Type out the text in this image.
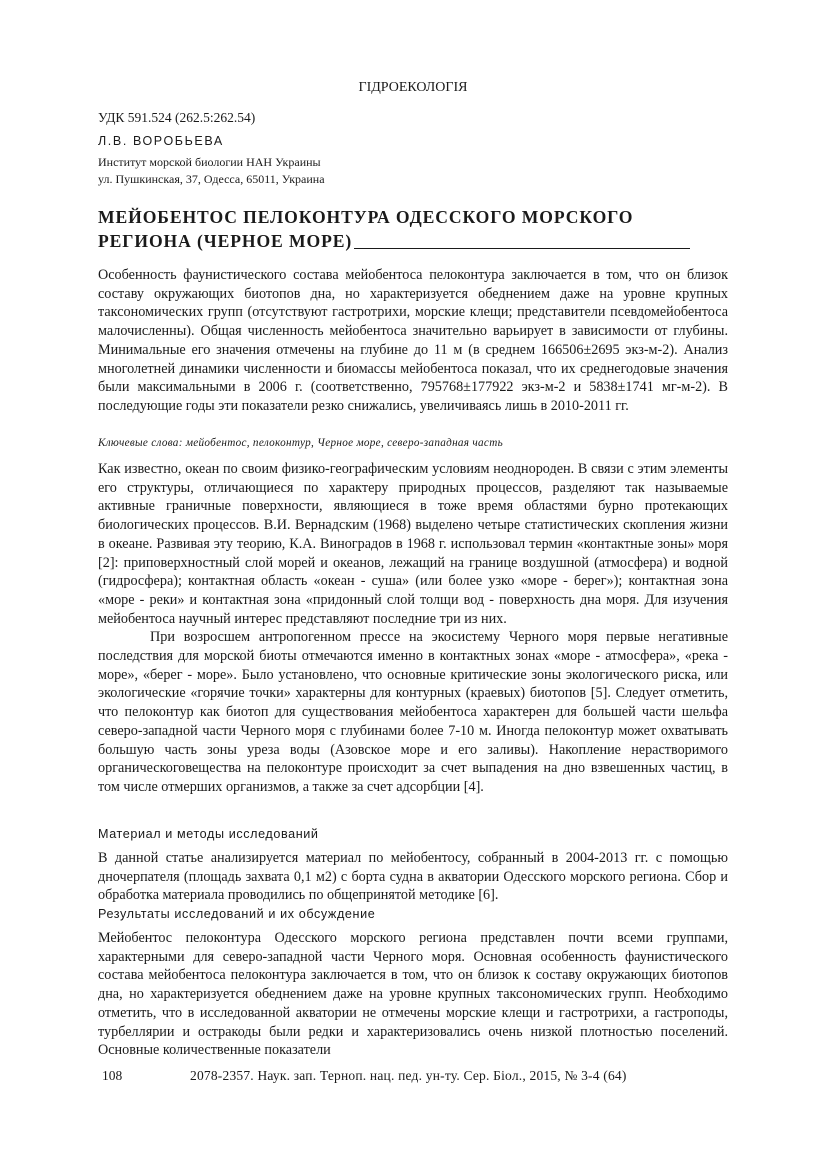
ГІДРОЕКОЛОГІЯ
УДК 591.524 (262.5:262.54)
Л.В. ВОРОБЬЕВА
Институт морской биологии НАН Украины
ул. Пушкинская, 37, Одесса, 65011, Украина
МЕЙОБЕНТОС ПЕЛОКОНТУРА ОДЕССКОГО МОРСКОГО
РЕГИОНА (ЧЕРНОЕ МОРЕ)

Особенность фаунистического состава мейобентоса пелоконтура заключается в том, что он близок составу окружающих биотопов дна, но характеризуется обеднением даже на уровне крупных таксономических групп (отсутствуют гастротрихи, морские клещи; представители псевдомейобентоса малочисленны). Общая численность мейобентоса значительно варьирует в зависимости от глубины. Минимальные его значения отмечены на глубине до 11 м (в среднем 166506±2695 экз-м-2). Анализ многолетней динамики численности и биомассы мейобентоса показал, что их среднегодовые значения были максимальными в 2006 г. (соответственно, 795768±177922 экз-м-2 и 5838±1741 мг-м-2). В последующие годы эти показатели резко снижались, увеличиваясь лишь в 2010-2011 гг.

Ключевые слова: мейобентос, пелоконтур, Черное море, северо-западная часть

Как известно, океан по своим физико-географическим условиям неоднороден. В связи с этим элементы его структуры, отличающиеся по характеру природных процессов, разделяют так называемые активные граничные поверхности, являющиеся в тоже время областями бурно протекающих биологических процессов. В.И. Вернадским (1968) выделено четыре статистических скопления жизни в океане. Развивая эту теорию, К.А. Виноградов в 1968 г. использовал термин «контактные зоны» моря [2]: приповерхностный слой морей и океанов, лежащий на границе воздушной (атмосфера) и водной (гидросфера); контактная область «океан - суша» (или более узко «море - берег»); контактная зона «море - реки» и контактная зона «придонный слой толщи вод - поверхность дна моря. Для изучения мейобентоса научный интерес представляют последние три из них.

При возросшем антропогенном прессе на экосистему Черного моря первые негативные последствия для морской биоты отмечаются именно в контактных зонах «море - атмосфера», «река - море», «берег - море». Было установлено, что основные критические зоны экологического риска, или экологические «горячие точки» характерны для контурных (краевых) биотопов [5]. Следует отметить, что пелоконтур как биотоп для существования мейобентоса характерен для большей части шельфа северо-западной части Черного моря с глубинами более 7-10 м. Иногда пелоконтур может охватывать большую часть зоны уреза воды (Азовское море и его заливы). Накопление нерастворимого органическоговещества на пелоконтуре происходит за счет выпадения на дно взвешенных частиц, в том числе отмерших организмов, а также за счет адсорбции [4].

Материал и методы исследований

В данной статье анализируется материал по мейобентосу, собранный в 2004-2013 гг. с помощью дночерпателя (площадь захвата 0,1 м2) с борта судна в акватории Одесского морского региона. Сбор и обработка материала проводились по общепринятой методике [6].

Результаты исследований и их обсуждение

Мейобентос пелоконтура Одесского морского региона представлен почти всеми группами, характерными для северо-западной части Черного моря. Основная особенность фаунистического состава мейобентоса пелоконтура заключается в том, что он близок к составу окружающих биотопов дна, но характеризуется обеднением даже на уровне крупных таксономических групп. Необходимо отметить, что в исследованной акватории не отмечены морские клещи и гастротрихи, а гастроподы, турбеллярии и остракоды были редки и характеризовались очень низкой плотностью поселений. Основные количественные показатели

108	2078-2357. Наук. зап. Терноп. нац. пед. ун-ту. Сер. Біол., 2015, № 3-4 (64)
